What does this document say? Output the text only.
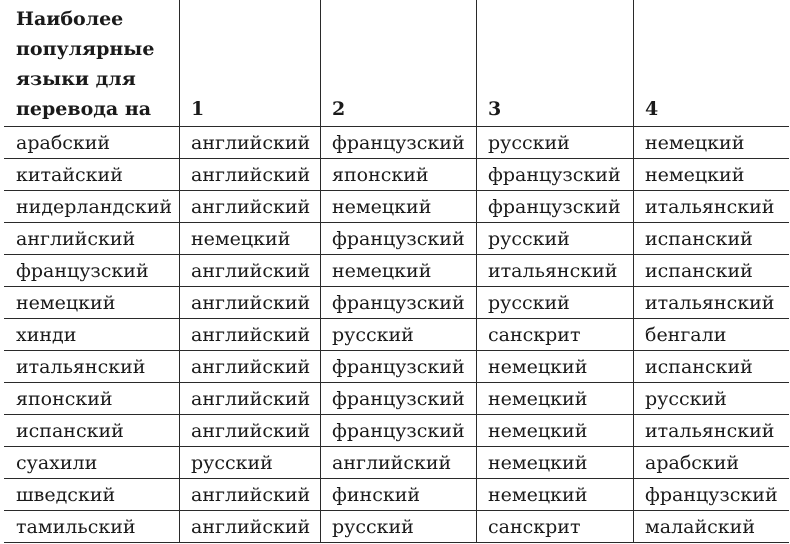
Наиболее популярные языки для перевода на	1	2	3	4
арабский	английский	французский	русский	немецкий
китайский	английский	японский	французский	немецкий
нидерландский	английский	немецкий	французский	итальянский
английский	немецкий	французский	русский	испанский
французский	английский	немецкий	итальянский	испанский
немецкий	английский	французский	русский	итальянский
хинди	английский	русский	санскрит	бенгали
итальянский	английский	французский	немецкий	испанский
японский	английский	французский	немецкий	русский
испанский	английский	французский	немецкий	итальянский
суахили	русский	английский	немецкий	арабский
шведский	английский	финский	немецкий	французский
тамильский	английский	русский	санскрит	малайский
